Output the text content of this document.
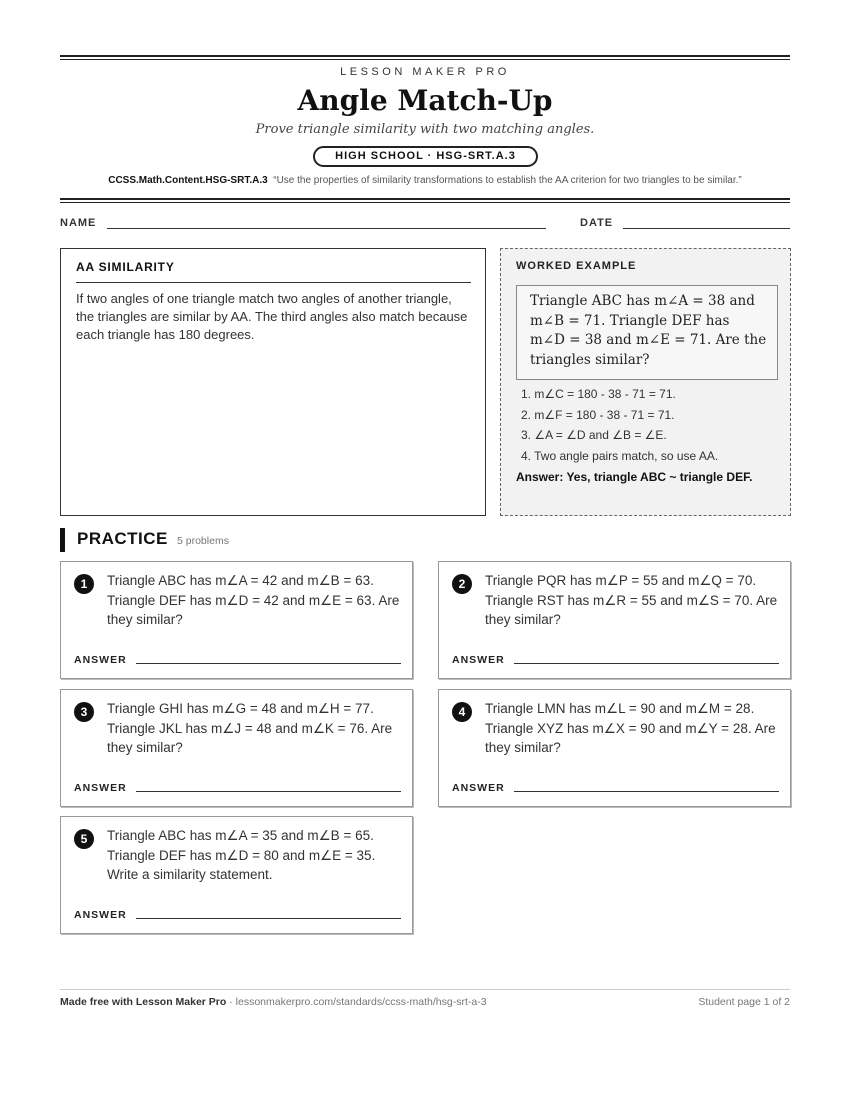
LESSON MAKER PRO
Angle Match-Up
Prove triangle similarity with two matching angles.
HIGH SCHOOL · HSG-SRT.A.3
CCSS.Math.Content.HSG-SRT.A.3 “Use the properties of similarity transformations to establish the AA criterion for two triangles to be similar.”
NAME	DATE
AA SIMILARITY
If two angles of one triangle match two angles of another triangle, the triangles are similar by AA. The third angles also match because each triangle has 180 degrees.
WORKED EXAMPLE
Triangle ABC has m∠A = 38 and m∠B = 71. Triangle DEF has m∠D = 38 and m∠E = 71. Are the triangles similar?
1. m∠C = 180 - 38 - 71 = 71.
2. m∠F = 180 - 38 - 71 = 71.
3. ∠A = ∠D and ∠B = ∠E.
4. Two angle pairs match, so use AA.
Answer: Yes, triangle ABC ~ triangle DEF.
PRACTICE 5 problems
1	Triangle ABC has m∠A = 42 and m∠B = 63. Triangle DEF has m∠D = 42 and m∠E = 63. Are they similar?
ANSWER
2	Triangle PQR has m∠P = 55 and m∠Q = 70. Triangle RST has m∠R = 55 and m∠S = 70. Are they similar?
ANSWER
3	Triangle GHI has m∠G = 48 and m∠H = 77. Triangle JKL has m∠J = 48 and m∠K = 76. Are they similar?
ANSWER
4	Triangle LMN has m∠L = 90 and m∠M = 28. Triangle XYZ has m∠X = 90 and m∠Y = 28. Are they similar?
ANSWER
5	Triangle ABC has m∠A = 35 and m∠B = 65. Triangle DEF has m∠D = 80 and m∠E = 35. Write a similarity statement.
ANSWER
Made free with Lesson Maker Pro · lessonmakerpro.com/standards/ccss-math/hsg-srt-a-3	Student page 1 of 2
